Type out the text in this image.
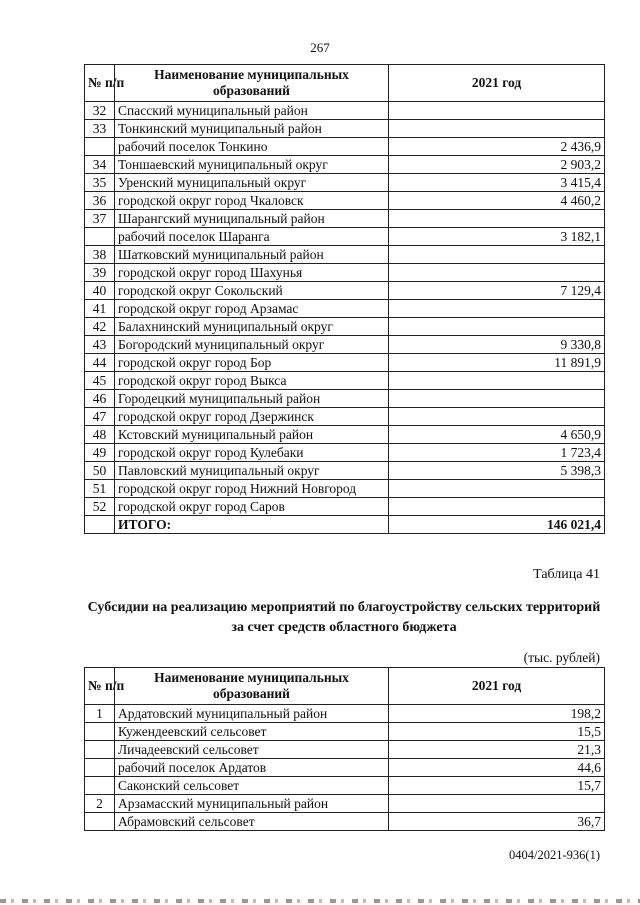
267
№ п/п	Наименование муниципальных образований	2021 год
32	Спасский муниципальный район	
33	Тонкинский муниципальный район	
	рабочий поселок Тонкино	2 436,9
34	Тоншаевский муниципальный округ	2 903,2
35	Уренский муниципальный округ	3 415,4
36	городской округ город Чкаловск	4 460,2
37	Шарангский муниципальный район	
	рабочий поселок Шаранга	3 182,1
38	Шатковский муниципальный район	
39	городской округ город Шахунья	
40	городской округ Сокольский	7 129,4
41	городской округ город Арзамас	
42	Балахнинский муниципальный округ	
43	Богородский муниципальный округ	9 330,8
44	городской округ город Бор	11 891,9
45	городской округ город Выкса	
46	Городецкий муниципальный район	
47	городской округ город Дзержинск	
48	Кстовский муниципальный район	4 650,9
49	городской округ город Кулебаки	1 723,4
50	Павловский муниципальный округ	5 398,3
51	городской округ город Нижний Новгород	
52	городской округ город Саров	
	ИТОГО:	146 021,4
Таблица 41
Субсидии на реализацию мероприятий по благоустройству сельских территорий за счет средств областного бюджета
(тыс. рублей)
№ п/п	Наименование муниципальных образований	2021 год
1	Ардатовский муниципальный район	198,2
	Кужендеевский сельсовет	15,5
	Личадеевский сельсовет	21,3
	рабочий поселок Ардатов	44,6
	Саконский сельсовет	15,7
2	Арзамасский муниципальный район	
	Абрамовский сельсовет	36,7
0404/2021-936(1)
